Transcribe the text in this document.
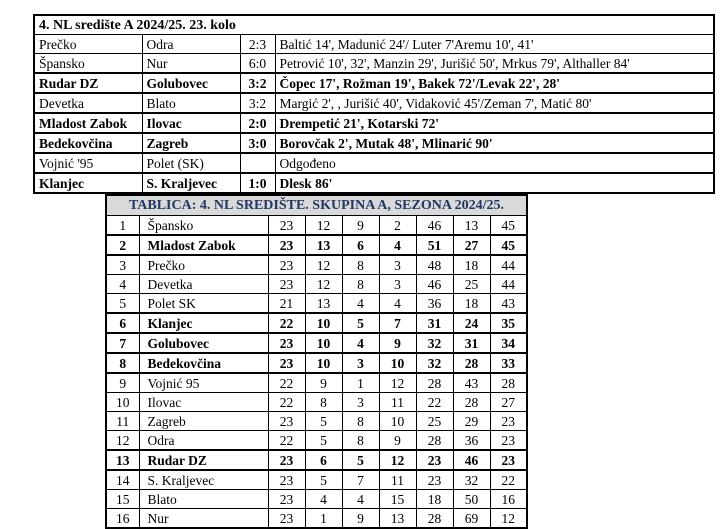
4. NL središte A 2024/25. 23. kolo			
Prečko	Odra	2:3	Baltić 14', Madunić 24'/ Luter 7'Aremu 10', 41'
Špansko	Nur	6:0	Petrović 10', 32', Manzin 29', Jurišić 50', Mrkus 79', Althaller 84'
Rudar DZ	Golubovec	3:2	Čopec 17', Rožman 19', Bakek 72'/Levak 22', 28'
Devetka	Blato	3:2	Margić 2', , Jurišić 40', Vidaković 45'/Zeman 7', Matić 80'
Mladost Zabok	Ilovac	2:0	Drempetić 21', Kotarski 72'
Bedekovčina	Zagreb	3:0	Borovčak 2', Mutak 48', Mlinarić 90'
Vojnić '95	Polet (SK)		Odgođeno
Klanjec	S. Kraljevec	1:0	Dlesk 86'
TABLICA: 4. NL SREDIŠTE. SKUPINA A, SEZONA 2024/25.								
1	Špansko	23	12	9	2	46	13	45
2	Mladost Zabok	23	13	6	4	51	27	45
3	Prečko	23	12	8	3	48	18	44
4	Devetka	23	12	8	3	46	25	44
5	Polet SK	21	13	4	4	36	18	43
6	Klanjec	22	10	5	7	31	24	35
7	Golubovec	23	10	4	9	32	31	34
8	Bedekovčina	23	10	3	10	32	28	33
9	Vojnić 95	22	9	1	12	28	43	28
10	Ilovac	22	8	3	11	22	28	27
11	Zagreb	23	5	8	10	25	29	23
12	Odra	22	5	8	9	28	36	23
13	Rudar DZ	23	6	5	12	23	46	23
14	S. Kraljevec	23	5	7	11	23	32	22
15	Blato	23	4	4	15	18	50	16
16	Nur	23	1	9	13	28	69	12
